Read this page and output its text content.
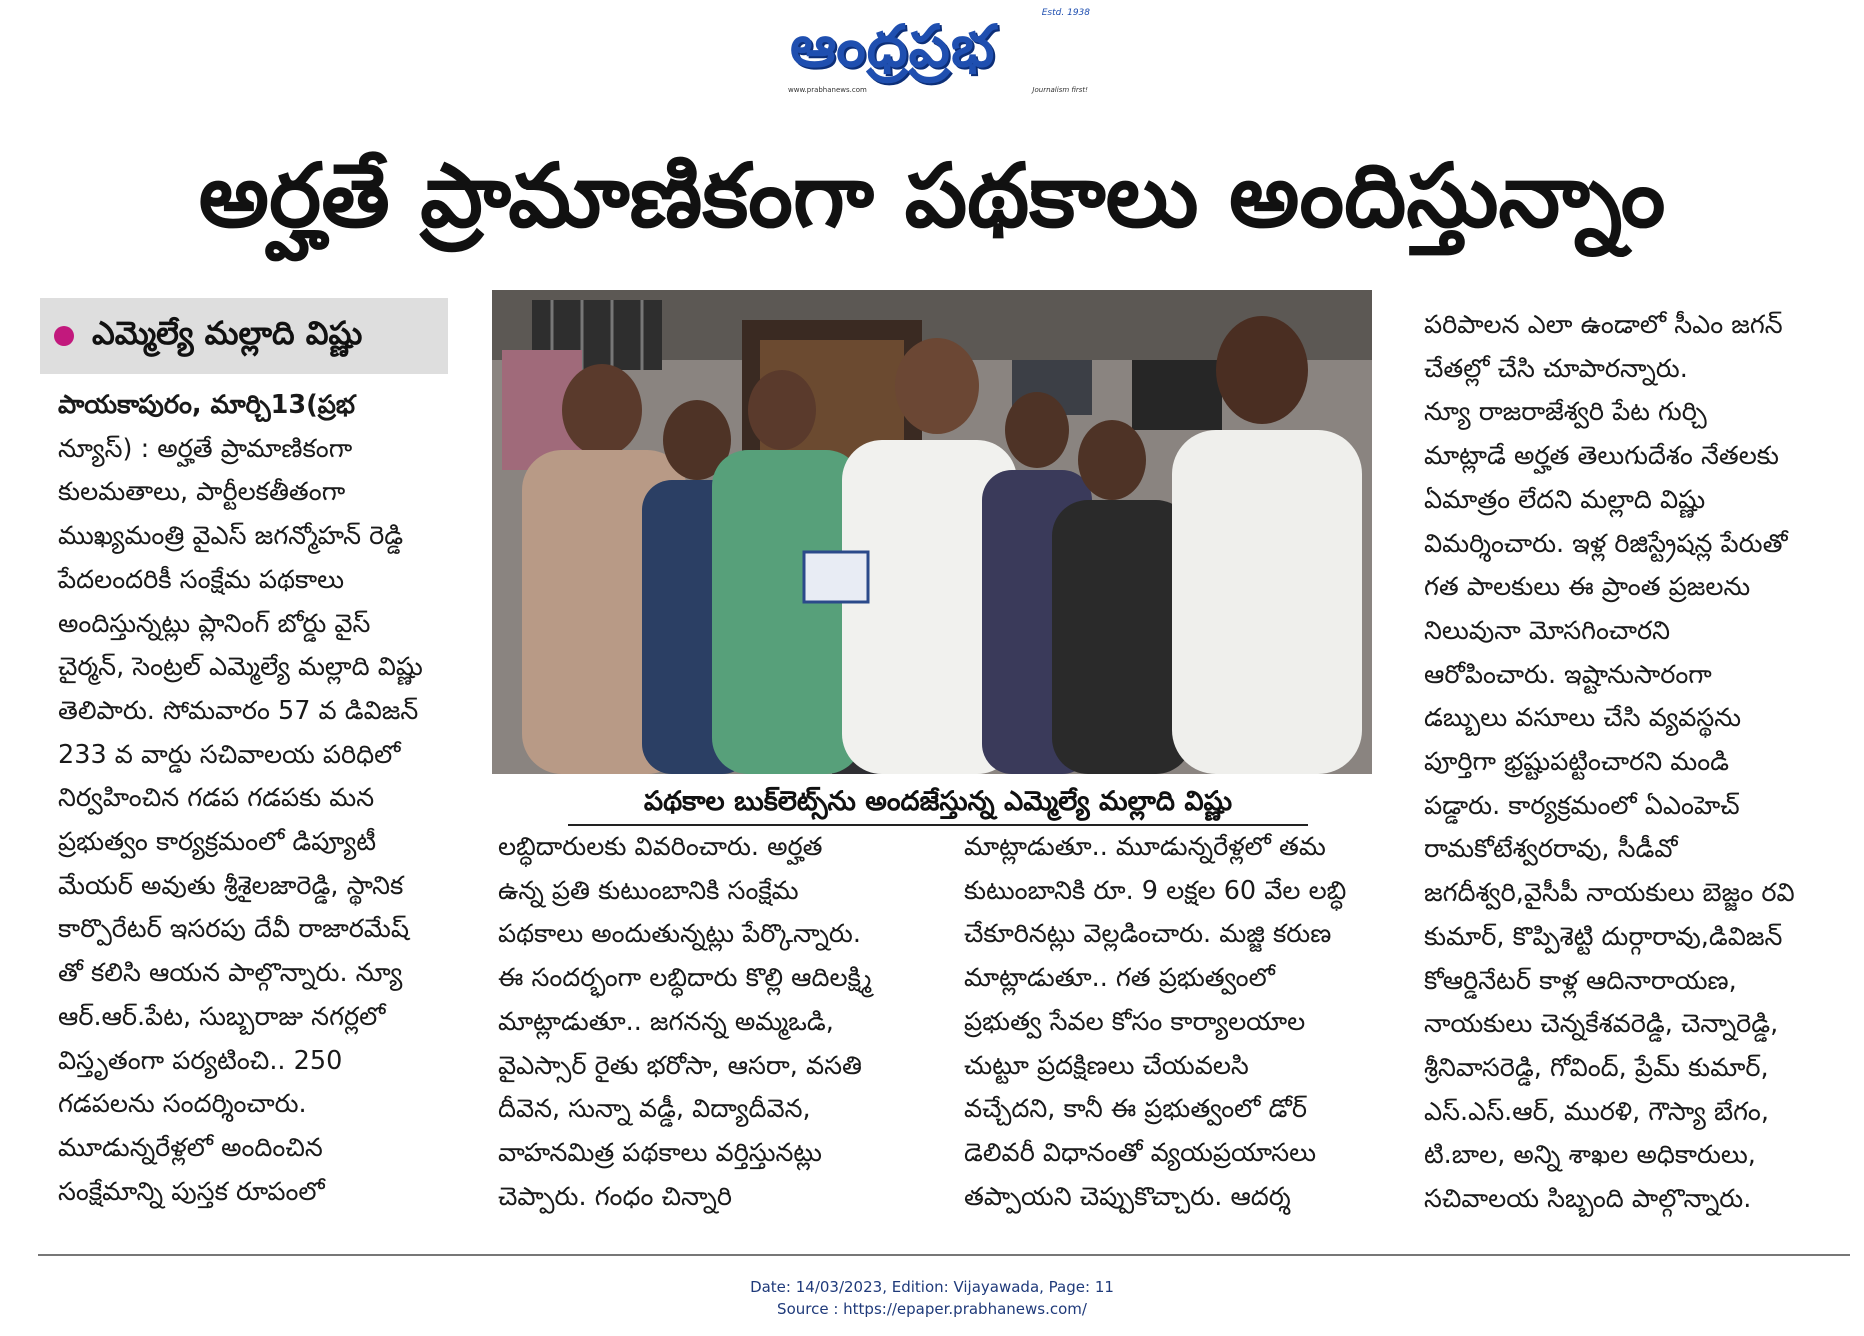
ఆంధ్రప్రభ	Estd. 1938
www.prabhanews.com	Journalism first!
అర్హతే ప్రామాణికంగా పథకాలు అందిస్తున్నాం
ఎమ్మెల్యే మల్లాది విష్ణు

పాయకాపురం, మార్చి13(ప్రభ

న్యూస్) : అర్హతే ప్రామాణికంగా

కులమతాలు, పార్టీలకతీతంగా

ముఖ్యమంత్రి వైఎస్ జగన్మోహన్ రెడ్డి

పేదలందరికీ సంక్షేమ పథకాలు

అందిస్తున్నట్లు ప్లానింగ్ బోర్డు వైస్

చైర్మన్, సెంట్రల్ ఎమ్మెల్యే మల్లాది విష్ణు

తెలిపారు. సోమవారం 57 వ డివిజన్

233 వ వార్డు సచివాలయ పరిధిలో

నిర్వహించిన గడప గడపకు మన

ప్రభుత్వం కార్యక్రమంలో డిప్యూటీ

మేయర్ అవుతు శ్రీశైలజారెడ్డి, స్థానిక

కార్పొరేటర్ ఇసరపు దేవీ రాజారమేష్

తో కలిసి ఆయన పాల్గొన్నారు. న్యూ

ఆర్.ఆర్.పేట, సుబ్బరాజు నగర్లలో

విస్తృతంగా పర్యటించి.. 250

గడపలను సందర్శించారు.

మూడున్నరేళ్లలో అందించిన

సంక్షేమాన్ని పుస్తక రూపంలో

పథకాల బుక్‌లెట్స్‌ను అందజేస్తున్న ఎమ్మెల్యే మల్లాది విష్ణు

లబ్ధిదారులకు వివరించారు. అర్హత

ఉన్న ప్రతి కుటుంబానికి సంక్షేమ

పథకాలు అందుతున్నట్లు పేర్కొన్నారు.

ఈ సందర్భంగా లబ్ధిదారు కొల్లి ఆదిలక్ష్మి

మాట్లాడుతూ.. జగనన్న అమ్మఒడి,

వైఎస్సార్ రైతు భరోసా, ఆసరా, వసతి

దీవెన, సున్నా వడ్డీ, విద్యాదీవెన,

వాహనమిత్ర పథకాలు వర్తిస్తునట్లు

చెప్పారు. గంధం చిన్నారి

మాట్లాడుతూ.. మూడున్నరేళ్లలో తమ

కుటుంబానికి రూ. 9 లక్షల 60 వేల లబ్ధి

చేకూరినట్లు వెల్లడించారు. మజ్జి కరుణ

మాట్లాడుతూ.. గత ప్రభుత్వంలో

ప్రభుత్వ సేవల కోసం కార్యాలయాల

చుట్టూ ప్రదక్షిణలు చేయవలసి

వచ్చేదని, కానీ ఈ ప్రభుత్వంలో డోర్

డెలివరీ విధానంతో వ్యయప్రయాసలు

తప్పాయని చెప్పుకొచ్చారు. ఆదర్శ

పరిపాలన ఎలా ఉండాలో సీఎం జగన్

చేతల్లో చేసి చూపారన్నారు.

న్యూ రాజరాజేశ్వరి పేట గుర్చి

మాట్లాడే అర్హత తెలుగుదేశం నేతలకు

ఏమాత్రం లేదని మల్లాది విష్ణు

విమర్శించారు. ఇళ్ల రిజిస్ట్రేషన్ల పేరుతో

గత పాలకులు ఈ ప్రాంత ప్రజలను

నిలువునా మోసగించారని

ఆరోపించారు. ఇష్టానుసారంగా

డబ్బులు వసూలు చేసి వ్యవస్థను

పూర్తిగా భ్రష్టుపట్టించారని మండి

పడ్డారు. కార్యక్రమంలో ఏఎంహెచ్

రామకోటేశ్వరరావు, సీడీవో

జగదీశ్వరి,వైసీపీ నాయకులు బెజ్జం రవి

కుమార్, కొప్పిశెట్టి దుర్గారావు,డివిజన్

కోఆర్డినేటర్ కాళ్ల ఆదినారాయణ,

నాయకులు చెన్నకేశవరెడ్డి, చెన్నారెడ్డి,

శ్రీనివాసరెడ్డి, గోవింద్, ప్రేమ్ కుమార్,

ఎస్.ఎస్.ఆర్, మురళి, గౌస్యా బేగం,

టి.బాల, అన్ని శాఖల అధికారులు,

సచివాలయ సిబ్బంది పాల్గొన్నారు.

Date: 14/03/2023, Edition: Vijayawada, Page: 11
Source : https://epaper.prabhanews.com/
